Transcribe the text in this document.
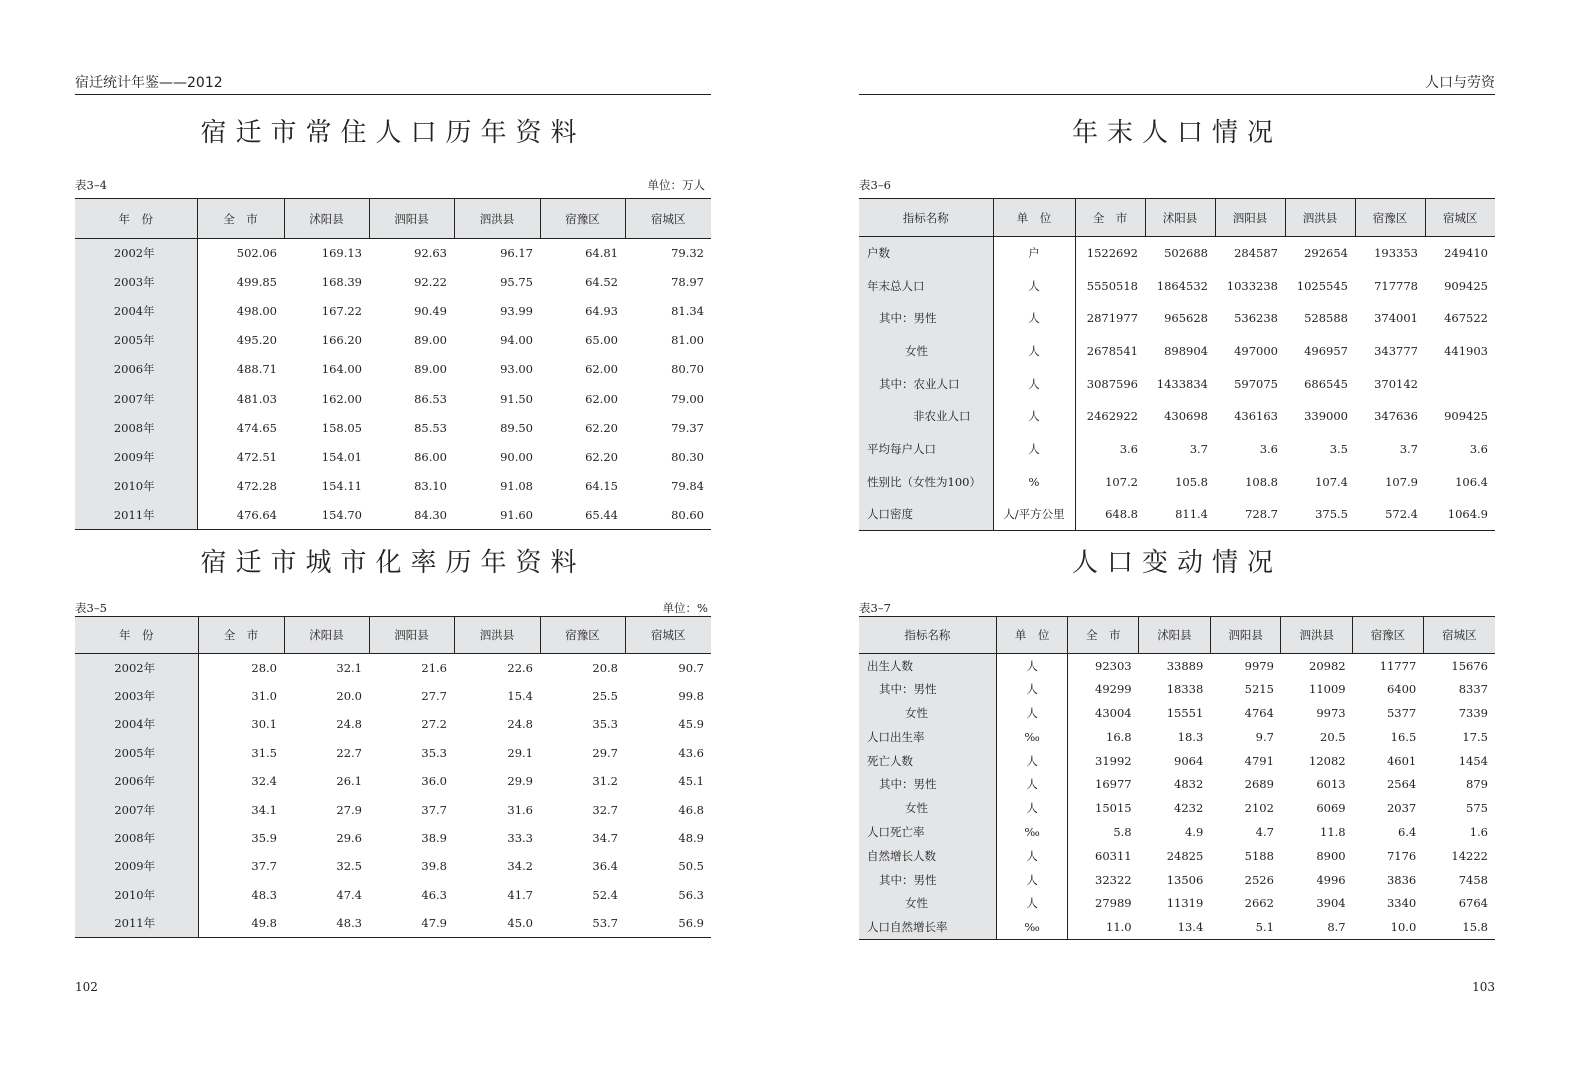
宿迁统计年鉴——2012	人口与劳资
宿迁市常住人口历年资料
表3–4	单位：万人
年　份	全　市	沭阳县	泗阳县	泗洪县	宿豫区	宿城区
2002年	502.06	169.13	92.63	96.17	64.81	79.32
2003年	499.85	168.39	92.22	95.75	64.52	78.97
2004年	498.00	167.22	90.49	93.99	64.93	81.34
2005年	495.20	166.20	89.00	94.00	65.00	81.00
2006年	488.71	164.00	89.00	93.00	62.00	80.70
2007年	481.03	162.00	86.53	91.50	62.00	79.00
2008年	474.65	158.05	85.53	89.50	62.20	79.37
2009年	472.51	154.01	86.00	90.00	62.20	80.30
2010年	472.28	154.11	83.10	91.08	64.15	79.84
2011年	476.64	154.70	84.30	91.60	65.44	80.60
宿迁市城市化率历年资料
表3–5	单位：%
年　份	全　市	沭阳县	泗阳县	泗洪县	宿豫区	宿城区
2002年	28.0	32.1	21.6	22.6	20.8	90.7
2003年	31.0	20.0	27.7	15.4	25.5	99.8
2004年	30.1	24.8	27.2	24.8	35.3	45.9
2005年	31.5	22.7	35.3	29.1	29.7	43.6
2006年	32.4	26.1	36.0	29.9	31.2	45.1
2007年	34.1	27.9	37.7	31.6	32.7	46.8
2008年	35.9	29.6	38.9	33.3	34.7	48.9
2009年	37.7	32.5	39.8	34.2	36.4	50.5
2010年	48.3	47.4	46.3	41.7	52.4	56.3
2011年	49.8	48.3	47.9	45.0	53.7	56.9
年末人口情况
表3–6
指标名称	单　位	全　市	沭阳县	泗阳县	泗洪县	宿豫区	宿城区
户数	户	1522692	502688	284587	292654	193353	249410
年末总人口	人	5550518	1864532	1033238	1025545	717778	909425
其中：男性	人	2871977	965628	536238	528588	374001	467522
女性	人	2678541	898904	497000	496957	343777	441903
其中：农业人口	人	3087596	1433834	597075	686545	370142	
非农业人口	人	2462922	430698	436163	339000	347636	909425
平均每户人口	人	3.6	3.7	3.6	3.5	3.7	3.6
性别比（女性为100）	%	107.2	105.8	108.8	107.4	107.9	106.4
人口密度	人/平方公里	648.8	811.4	728.7	375.5	572.4	1064.9
人口变动情况
表3–7
指标名称	单　位	全　市	沭阳县	泗阳县	泗洪县	宿豫区	宿城区
出生人数	人	92303	33889	9979	20982	11777	15676
其中：男性	人	49299	18338	5215	11009	6400	8337
女性	人	43004	15551	4764	9973	5377	7339
人口出生率	‰	16.8	18.3	9.7	20.5	16.5	17.5
死亡人数	人	31992	9064	4791	12082	4601	1454
其中：男性	人	16977	4832	2689	6013	2564	879
女性	人	15015	4232	2102	6069	2037	575
人口死亡率	‰	5.8	4.9	4.7	11.8	6.4	1.6
自然增长人数	人	60311	24825	5188	8900	7176	14222
其中：男性	人	32322	13506	2526	4996	3836	7458
女性	人	27989	11319	2662	3904	3340	6764
人口自然增长率	‰	11.0	13.4	5.1	8.7	10.0	15.8
102	103
